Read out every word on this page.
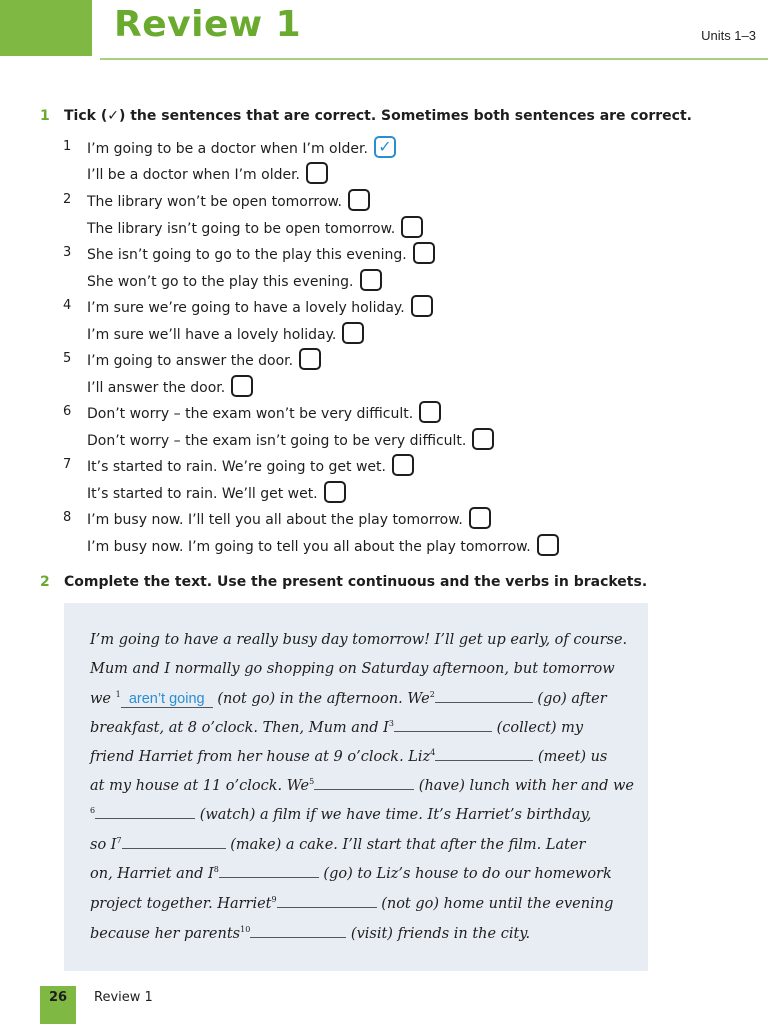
Review 1	Units 1–3
1 Tick (✓) the sentences that are correct. Sometimes both sentences are correct.
1 I’m going to be a doctor when I’m older. ✓
I’ll be a doctor when I’m older.
2 The library won’t be open tomorrow.
The library isn’t going to be open tomorrow.
3 She isn’t going to go to the play this evening.
She won’t go to the play this evening.
4 I’m sure we’re going to have a lovely holiday.
I’m sure we’ll have a lovely holiday.
5 I’m going to answer the door.
I’ll answer the door.
6 Don’t worry – the exam won’t be very difficult.
Don’t worry – the exam isn’t going to be very difficult.
7 It’s started to rain. We’re going to get wet.
It’s started to rain. We’ll get wet.
8 I’m busy now. I’ll tell you all about the play tomorrow.
I’m busy now. I’m going to tell you all about the play tomorrow.
2 Complete the text. Use the present continuous and the verbs in brackets.
I’m going to have a really busy day tomorrow! I’ll get up early, of course.
Mum and I normally go shopping on Saturday afternoon, but tomorrow
we $^1$ aren’t going (not go) in the afternoon. We$^2$	(go) after
breakfast, at 8 o’clock. Then, Mum and $I^3$	(collect) my
friend Harriet from her house at 9 o’clock. Liz$^4$	(meet) us
at my house at 11 o’clock. We$^5$	(have) lunch with her and we
$^6$	(watch) a film if we have time. It’s Harriet’s birthday,
so $I^7$	(make) a cake. I’ll start that after the film. Later
on, Harriet and $I^8$	(go) to Liz’s house to do our homework
project together. Harriet$^9$	(not go) home until the evening
because her parents$^{10}$	(visit) friends in the city.
26	Review 1
